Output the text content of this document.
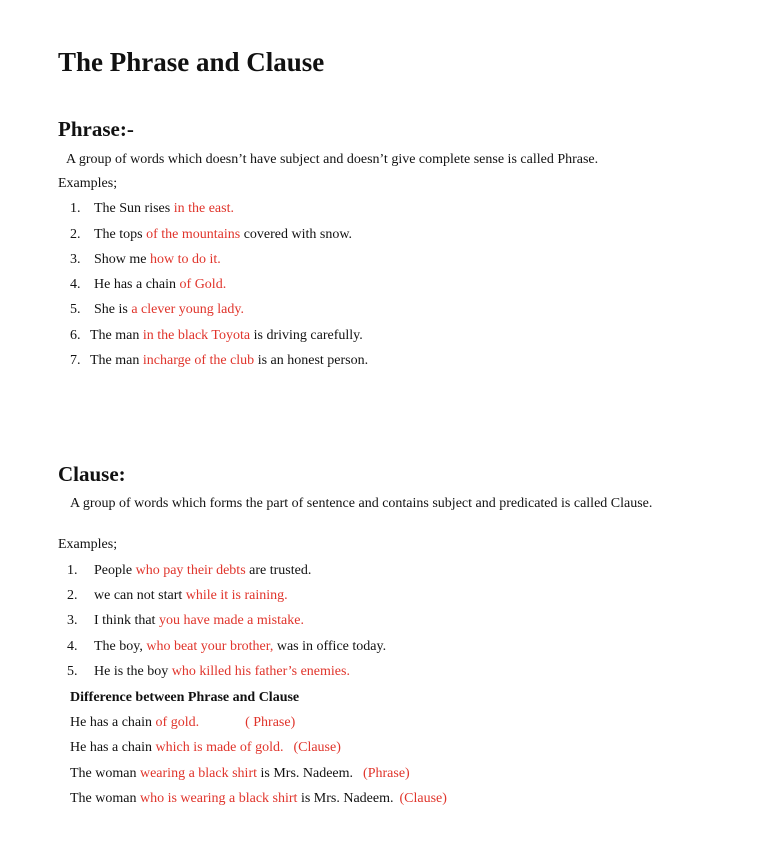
The Phrase and Clause
Phrase:-

A group of words which doesn’t have subject and doesn’t give complete sense is called Phrase.

Examples;
1. The Sun rises in the east.
2. The tops of the mountains covered with snow.
3. Show me how to do it.
4. He has a chain of Gold.
5. She is a clever young lady.
6. The man in the black Toyota is driving carefully.
7. The man incharge of the club is an honest person.
Clause:

A group of words which forms the part of sentence and contains subject and predicated is called Clause.

Examples;
1. People who pay their debts are trusted.
2. we can not start while it is raining.
3. I think that you have made a mistake.
4. The boy, who beat your brother, was in office today.
5. He is the boy who killed his father’s enemies.
Difference between Phrase and Clause
He has a chain of gold.	( Phrase)
He has a chain which is made of gold. (Clause)
The woman wearing a black shirt is Mrs. Nadeem. (Phrase)
The woman who is wearing a black shirt is Mrs. Nadeem. (Clause)
